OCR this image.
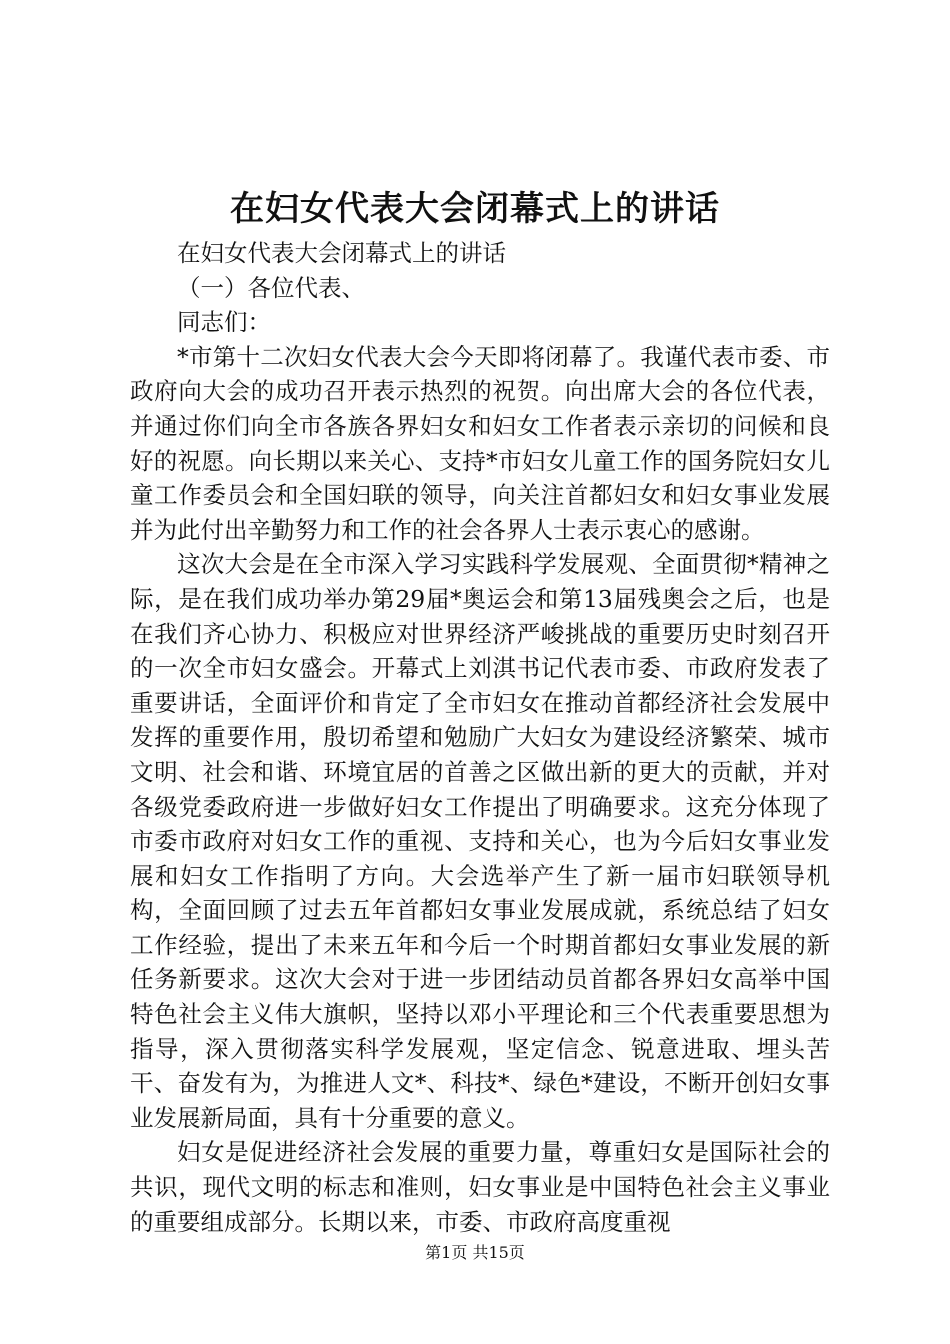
在妇女代表大会闭幕式上的讲话

在妇女代表大会闭幕式上的讲话

（一）各位代表、

同志们：

*市第十二次妇女代表大会今天即将闭幕了。我谨代表市委、市政府向大会的成功召开表示热烈的祝贺。向出席大会的各位代表，并通过你们向全市各族各界妇女和妇女工作者表示亲切的问候和良好的祝愿。向长期以来关心、支持*市妇女儿童工作的国务院妇女儿童工作委员会和全国妇联的领导，向关注首都妇女和妇女事业发展并为此付出辛勤努力和工作的社会各界人士表示衷心的感谢。

这次大会是在全市深入学习实践科学发展观、全面贯彻*精神之际，是在我们成功举办第29届*奥运会和第13届残奥会之后，也是在我们齐心协力、积极应对世界经济严峻挑战的重要历史时刻召开的一次全市妇女盛会。开幕式上刘淇书记代表市委、市政府发表了重要讲话，全面评价和肯定了全市妇女在推动首都经济社会发展中发挥的重要作用，殷切希望和勉励广大妇女为建设经济繁荣、城市文明、社会和谐、环境宜居的首善之区做出新的更大的贡献，并对各级党委政府进一步做好妇女工作提出了明确要求。这充分体现了市委市政府对妇女工作的重视、支持和关心，也为今后妇女事业发展和妇女工作指明了方向。大会选举产生了新一届市妇联领导机构，全面回顾了过去五年首都妇女事业发展成就，系统总结了妇女工作经验，提出了未来五年和今后一个时期首都妇女事业发展的新任务新要求。这次大会对于进一步团结动员首都各界妇女高举中国特色社会主义伟大旗帜，坚持以邓小平理论和三个代表重要思想为指导，深入贯彻落实科学发展观，坚定信念、锐意进取、埋头苦干、奋发有为，为推进人文*、科技*、绿色*建设，不断开创妇女事业发展新局面，具有十分重要的意义。

妇女是促进经济社会发展的重要力量，尊重妇女是国际社会的共识，现代文明的标志和准则，妇女事业是中国特色社会主义事业的重要组成部分。长期以来，市委、市政府高度重视

第1页 共15页
